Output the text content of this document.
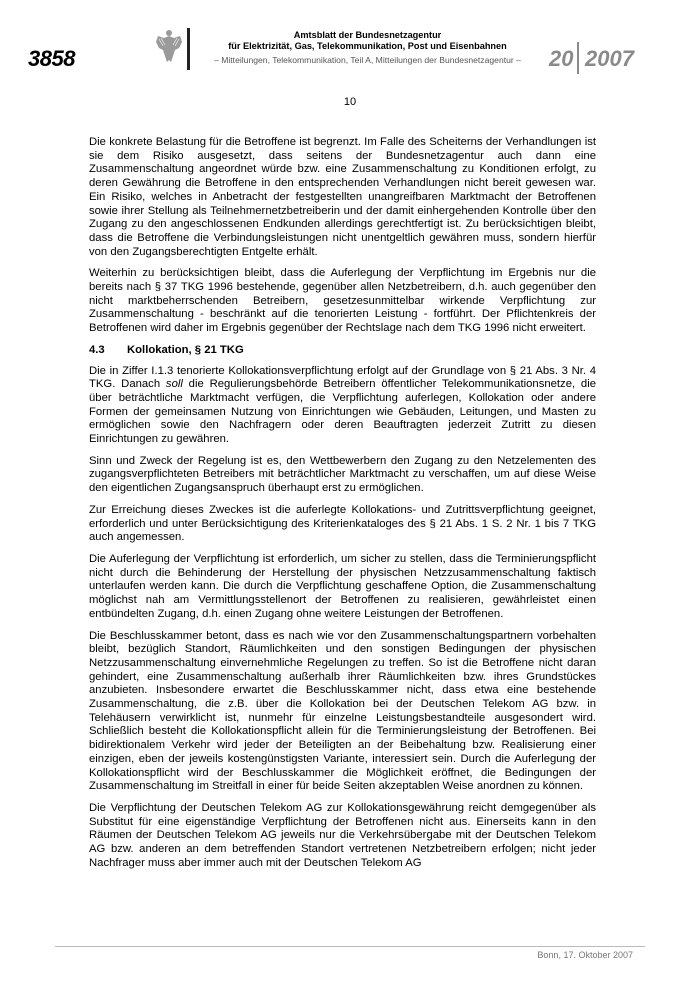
3858
Amtsblatt der Bundesnetzagentur
für Elektrizität, Gas, Telekommunikation, Post und Eisenbahnen
– Mitteilungen, Telekommunikation, Teil A, Mitteilungen der Bundesnetzagentur –	20 2007
10

Die konkrete Belastung für die Betroffene ist begrenzt. Im Falle des Scheiterns der Verhandlungen ist sie dem Risiko ausgesetzt, dass seitens der Bundesnetzagentur auch dann eine Zusammenschaltung angeordnet würde bzw. eine Zusammenschaltung zu Konditionen erfolgt, zu deren Gewährung die Betroffene in den entsprechenden Verhandlungen nicht bereit gewesen war. Ein Risiko, welches in Anbetracht der festgestellten unangreifbaren Marktmacht der Betroffenen sowie ihrer Stellung als Teilnehmernetzbetreiberin und der damit einhergehenden Kontrolle über den Zugang zu den angeschlossenen Endkunden allerdings gerechtfertigt ist. Zu berücksichtigen bleibt, dass die Betroffene die Verbindungsleistungen nicht unentgeltlich gewähren muss, sondern hierfür von den Zugangsberechtigten Entgelte erhält.

Weiterhin zu berücksichtigen bleibt, dass die Auferlegung der Verpflichtung im Ergebnis nur die bereits nach § 37 TKG 1996 bestehende, gegenüber allen Netzbetreibern, d.h. auch gegenüber den nicht marktbeherrschenden Betreibern, gesetzesunmittelbar wirkende Verpflichtung zur Zusammenschaltung - beschränkt auf die tenorierten Leistung - fortführt. Der Pflichtenkreis der Betroffenen wird daher im Ergebnis gegenüber der Rechtslage nach dem TKG 1996 nicht erweitert.

4.3	Kollokation, § 21 TKG

Die in Ziffer I.1.3 tenorierte Kollokationsverpflichtung erfolgt auf der Grundlage von § 21 Abs. 3 Nr. 4 TKG. Danach soll die Regulierungsbehörde Betreibern öffentlicher Telekommunikationsnetze, die über beträchtliche Marktmacht verfügen, die Verpflichtung auferlegen, Kollokation oder andere Formen der gemeinsamen Nutzung von Einrichtungen wie Gebäuden, Leitungen, und Masten zu ermöglichen sowie den Nachfragern oder deren Beauftragten jederzeit Zutritt zu diesen Einrichtungen zu gewähren.

Sinn und Zweck der Regelung ist es, den Wettbewerbern den Zugang zu den Netzelementen des zugangsverpflichteten Betreibers mit beträchtlicher Marktmacht zu verschaffen, um auf diese Weise den eigentlichen Zugangsanspruch überhaupt erst zu ermöglichen.

Zur Erreichung dieses Zweckes ist die auferlegte Kollokations- und Zutrittsverpflichtung geeignet, erforderlich und unter Berücksichtigung des Kriterienkataloges des § 21 Abs. 1 S. 2 Nr. 1 bis 7 TKG auch angemessen.

Die Auferlegung der Verpflichtung ist erforderlich, um sicher zu stellen, dass die Terminierungspflicht nicht durch die Behinderung der Herstellung der physischen Netzzusammenschaltung faktisch unterlaufen werden kann. Die durch die Verpflichtung geschaffene Option, die Zusammenschaltung möglichst nah am Vermittlungsstellenort der Betroffenen zu realisieren, gewährleistet einen entbündelten Zugang, d.h. einen Zugang ohne weitere Leistungen der Betroffenen.

Die Beschlusskammer betont, dass es nach wie vor den Zusammenschaltungspartnern vorbehalten bleibt, bezüglich Standort, Räumlichkeiten und den sonstigen Bedingungen der physischen Netzzusammenschaltung einvernehmliche Regelungen zu treffen. So ist die Betroffene nicht daran gehindert, eine Zusammenschaltung außerhalb ihrer Räumlichkeiten bzw. ihres Grundstückes anzubieten. Insbesondere erwartet die Beschlusskammer nicht, dass etwa eine bestehende Zusammenschaltung, die z.B. über die Kollokation bei der Deutschen Telekom AG bzw. in Telehäusern verwirklicht ist, nunmehr für einzelne Leistungsbestandteile ausgesondert wird. Schließlich besteht die Kollokationspflicht allein für die Terminierungsleistung der Betroffenen. Bei bidirektionalem Verkehr wird jeder der Beteiligten an der Beibehaltung bzw. Realisierung einer einzigen, eben der jeweils kostengünstigsten Variante, interessiert sein. Durch die Auferlegung der Kollokationspflicht wird der Beschlusskammer die Möglichkeit eröffnet, die Bedingungen der Zusammenschaltung im Streitfall in einer für beide Seiten akzeptablen Weise anordnen zu können.

Die Verpflichtung der Deutschen Telekom AG zur Kollokationsgewährung reicht demgegenüber als Substitut für eine eigenständige Verpflichtung der Betroffenen nicht aus. Einerseits kann in den Räumen der Deutschen Telekom AG jeweils nur die Verkehrsübergabe mit der Deutschen Telekom AG bzw. anderen an dem betreffenden Standort vertretenen Netzbetreibern erfolgen; nicht jeder Nachfrager muss aber immer auch mit der Deutschen Telekom AG

Bonn, 17. Oktober 2007
